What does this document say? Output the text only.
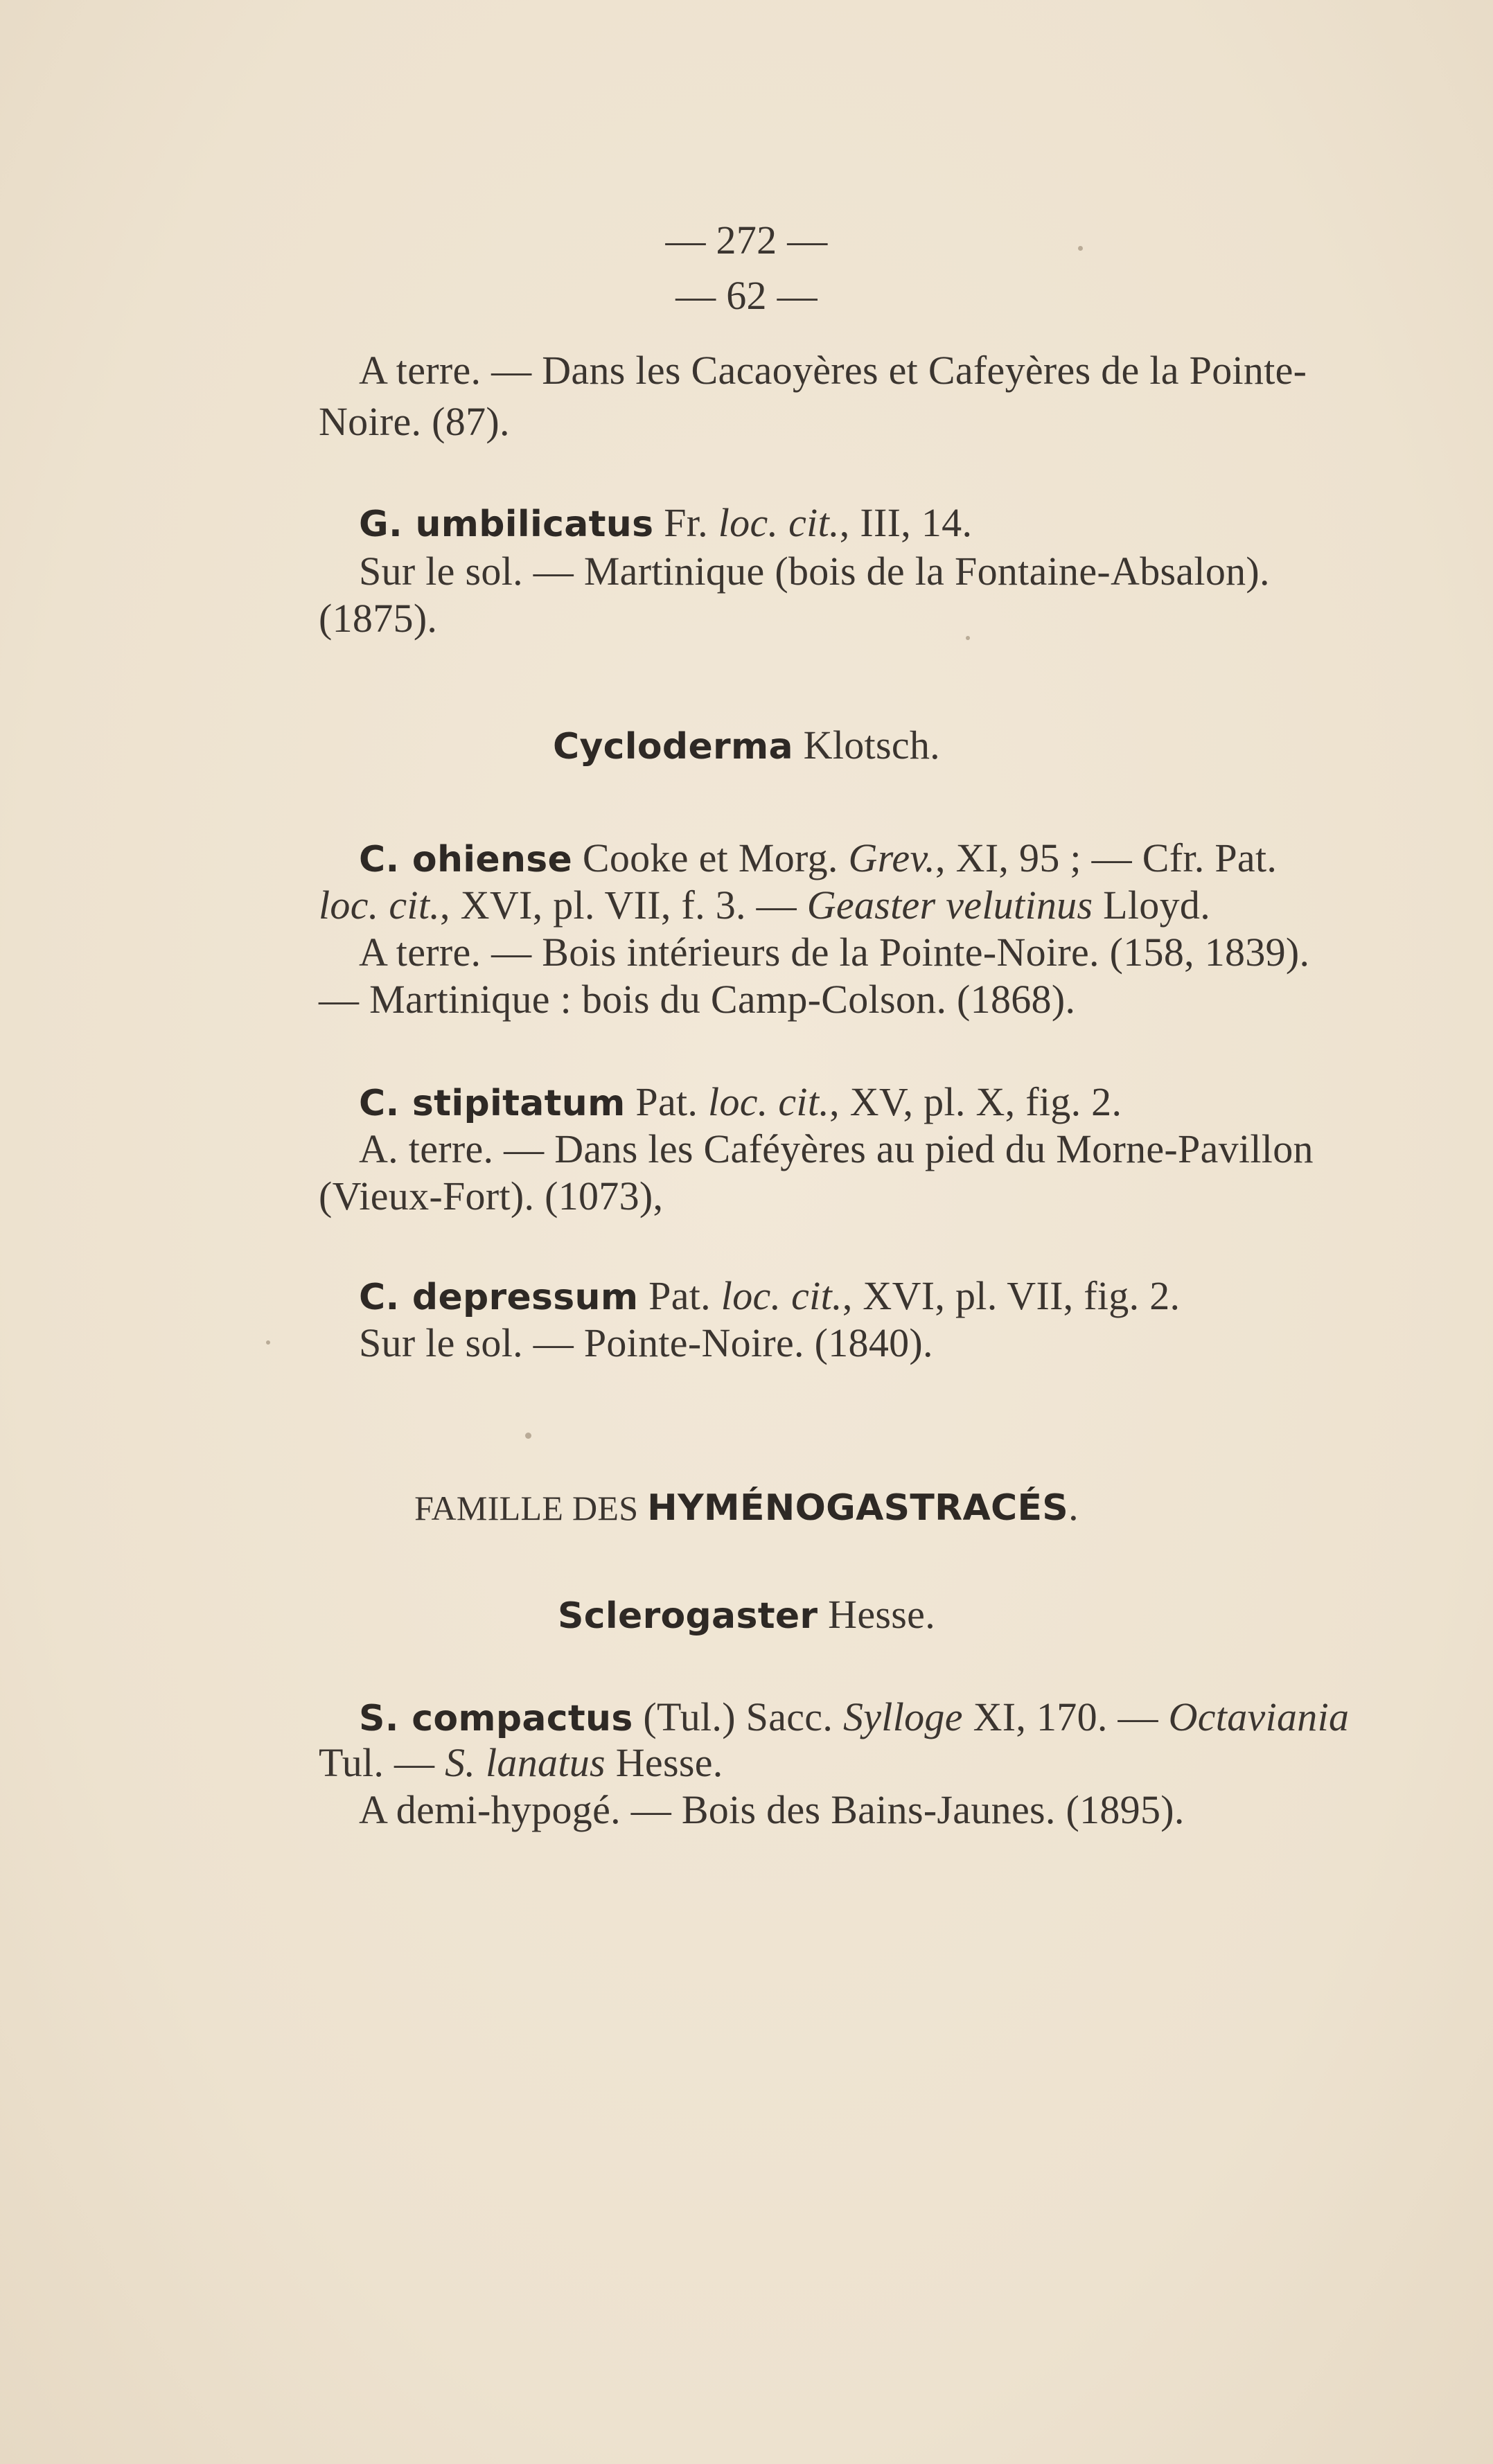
— 272 —
— 62 —
A terre. — Dans les Cacaoyères et Cafeyères de la Pointe-
Noire. (87).
G. umbilicatus Fr. loc. cit., III, 14.
Sur le sol. — Martinique (bois de la Fontaine-Absalon).
(1875).
Cycloderma Klotsch.
C. ohiense Cooke et Morg. Grev., XI, 95 ; — Cfr. Pat.
loc. cit., XVI, pl. VII, f. 3. — Geaster velutinus Lloyd.
A terre. — Bois intérieurs de la Pointe-Noire. (158, 1839).
— Martinique : bois du Camp-Colson. (1868).
C. stipitatum Pat. loc. cit., XV, pl. X, fig. 2.
A. terre. — Dans les Caféyères au pied du Morne-Pavillon
(Vieux-Fort). (1073),
C. depressum Pat. loc. cit., XVI, pl. VII, fig. 2.
Sur le sol. — Pointe-Noire. (1840).
FAMILLE DES HYMÉNOGASTRACÉS.
Sclerogaster Hesse.
S. compactus (Tul.) Sacc. Sylloge XI, 170. — Octaviania
Tul. — S. lanatus Hesse.
A demi-hypogé. — Bois des Bains-Jaunes. (1895).
